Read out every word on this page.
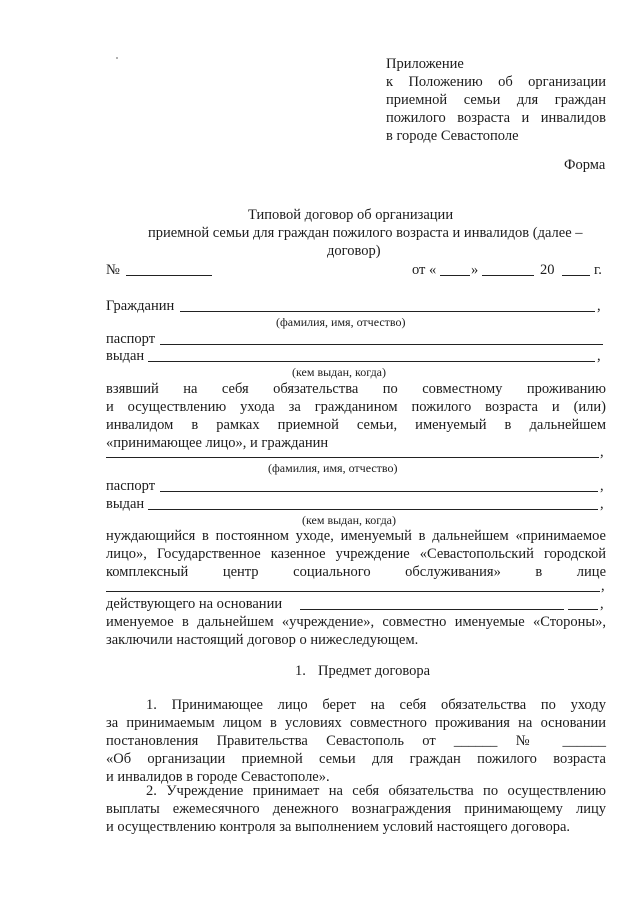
Приложение
к Положению об организации
приемной семьи для граждан
пожилого возраста и инвалидов
в городе Севастополе
Форма
Типовой договор об организации
приемной семьи для граждан пожилого возраста и инвалидов (далее –
договор)
№	от « »	20	г.
Гражданин	,
(фамилия, имя, отчество)
паспорт
выдан	,
(кем выдан, когда)
взявший на себя обязательства по совместному проживанию
и осуществлению ухода за гражданином пожилого возраста и (или)
инвалидом в рамках приемной семьи, именуемый в дальнейшем
«принимающее лицо», и гражданин
,
(фамилия, имя, отчество)
паспорт	,
выдан	,
(кем выдан, когда)
нуждающийся в постоянном уходе, именуемый в дальнейшем «принимаемое
лицо», Государственное казенное учреждение «Севастопольский городской
комплексный центр социального обслуживания» в лице
,
действующего на основании	,
именуемое в дальнейшем «учреждение», совместно именуемые «Стороны»,
заключили настоящий договор о нижеследующем.
1. Предмет договора
1. Принимающее лицо берет на себя обязательства по уходу
за принимаемым лицом в условиях совместного проживания на основании
постановления Правительства Севастополь от ______ № ______
«Об организации приемной семьи для граждан пожилого возраста
и инвалидов в городе Севастополе».
2. Учреждение принимает на себя обязательства по осуществлению
выплаты ежемесячного денежного вознаграждения принимающему лицу
и осуществлению контроля за выполнением условий настоящего договора.
